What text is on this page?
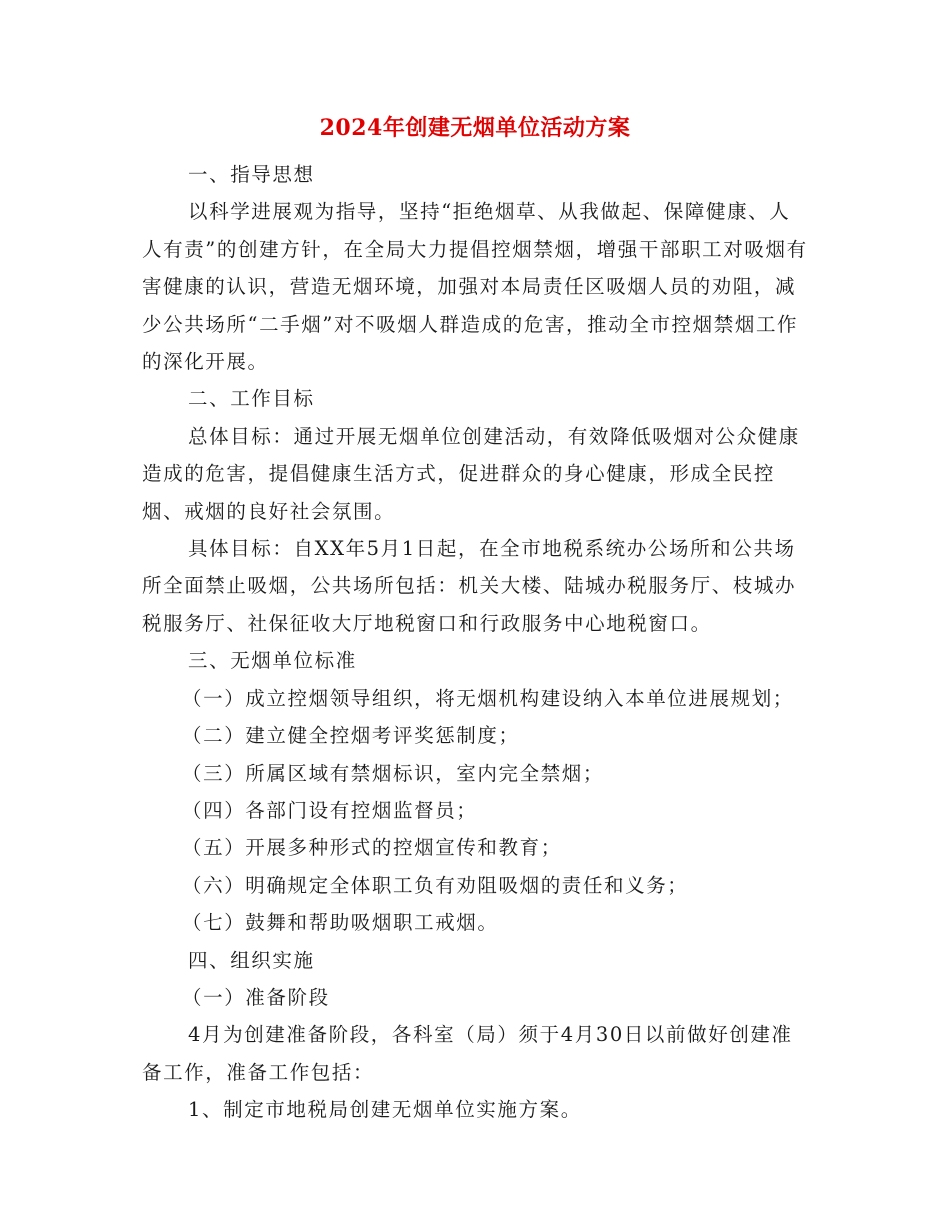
2024年创建无烟单位活动方案

一、指导思想

以科学进展观为指导，坚持“拒绝烟草、从我做起、保障健康、人人有责”的创建方针，在全局大力提倡控烟禁烟，增强干部职工对吸烟有害健康的认识，营造无烟环境，加强对本局责任区吸烟人员的劝阻，减少公共场所“二手烟”对不吸烟人群造成的危害，推动全市控烟禁烟工作的深化开展。

二、工作目标

总体目标：通过开展无烟单位创建活动，有效降低吸烟对公众健康造成的危害，提倡健康生活方式，促进群众的身心健康，形成全民控烟、戒烟的良好社会氛围。

具体目标：自XX年5月1日起，在全市地税系统办公场所和公共场所全面禁止吸烟，公共场所包括：机关大楼、陆城办税服务厅、枝城办税服务厅、社保征收大厅地税窗口和行政服务中心地税窗口。

三、无烟单位标准

（一）成立控烟领导组织，将无烟机构建设纳入本单位进展规划；

（二）建立健全控烟考评奖惩制度；

（三）所属区域有禁烟标识，室内完全禁烟；

（四）各部门设有控烟监督员；

（五）开展多种形式的控烟宣传和教育；

（六）明确规定全体职工负有劝阻吸烟的责任和义务；

（七）鼓舞和帮助吸烟职工戒烟。

四、组织实施

（一）准备阶段

4月为创建准备阶段，各科室（局）须于4月30日以前做好创建准备工作，准备工作包括：

1、制定市地税局创建无烟单位实施方案。
